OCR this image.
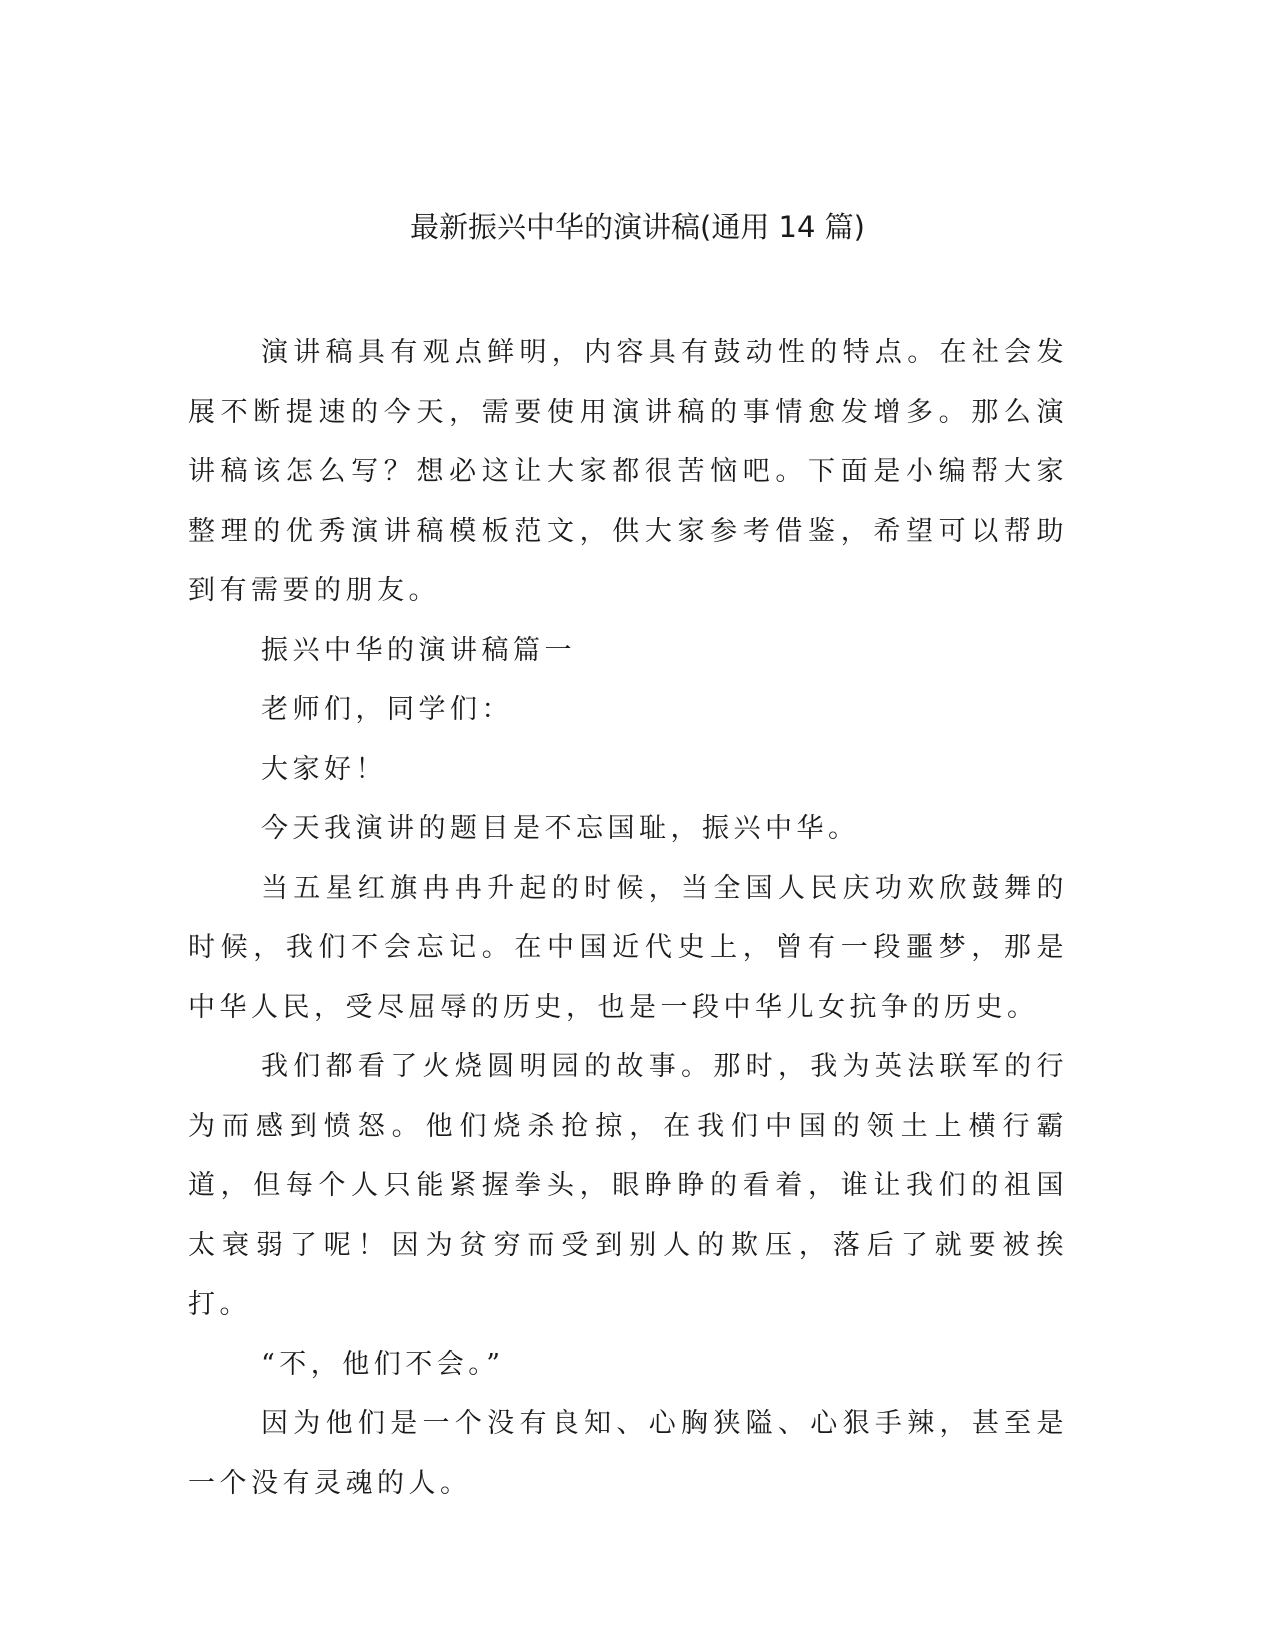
最新振兴中华的演讲稿(通用 14 篇)

演讲稿具有观点鲜明，内容具有鼓动性的特点。在社会发展不断提速的今天，需要使用演讲稿的事情愈发增多。那么演讲稿该怎么写？想必这让大家都很苦恼吧。下面是小编帮大家整理的优秀演讲稿模板范文，供大家参考借鉴，希望可以帮助到有需要的朋友。

振兴中华的演讲稿篇一

老师们，同学们：

大家好！

今天我演讲的题目是不忘国耻，振兴中华。

当五星红旗冉冉升起的时候，当全国人民庆功欢欣鼓舞的时候，我们不会忘记。在中国近代史上，曾有一段噩梦，那是中华人民，受尽屈辱的历史，也是一段中华儿女抗争的历史。

我们都看了火烧圆明园的故事。那时，我为英法联军的行为而感到愤怒。他们烧杀抢掠，在我们中国的领土上横行霸道，但每个人只能紧握拳头，眼睁睁的看着，谁让我们的祖国太衰弱了呢！因为贫穷而受到别人的欺压，落后了就要被挨打。

“不，他们不会。”

因为他们是一个没有良知、心胸狭隘、心狠手辣，甚至是一个没有灵魂的人。
